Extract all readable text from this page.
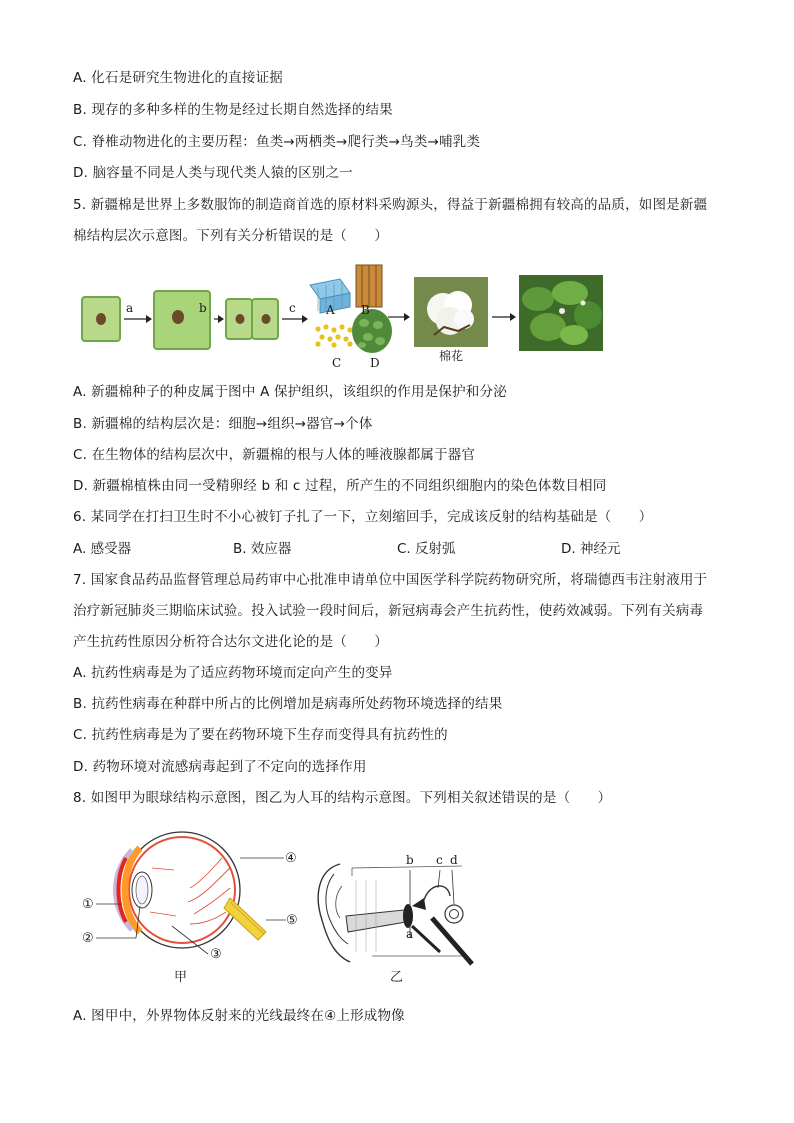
A. 化石是研究生物进化的直接证据
B. 现存的多种多样的生物是经过长期自然选择的结果
C. 脊椎动物进化的主要历程：鱼类→两栖类→爬行类→鸟类→哺乳类
D. 脑容量不同是人类与现代类人猿的区别之一
5. 新疆棉是世界上多数服饰的制造商首选的原材料采购源头，得益于新疆棉拥有较高的品质，如图是新疆
棉结构层次示意图。下列有关分析错误的是（　　）
a	b	c	A B
C D	棉花
A. 新疆棉种子的种皮属于图中 A 保护组织，该组织的作用是保护和分泌
B. 新疆棉的结构层次是：细胞→组织→器官→个体
C. 在生物体的结构层次中，新疆棉的根与人体的唾液腺都属于器官
D. 新疆棉植株由同一受精卵经 b 和 c 过程，所产生的不同组织细胞内的染色体数目相同
6. 某同学在打扫卫生时不小心被钉子扎了一下，立刻缩回手，完成该反射的结构基础是（　　）
A. 感受器	B. 效应器	C. 反射弧	D. 神经元
7. 国家食品药品监督管理总局药审中心批准申请单位中国医学科学院药物研究所，将瑞德西韦注射液用于
治疗新冠肺炎三期临床试验。投入试验一段时间后，新冠病毒会产生抗药性，使药效减弱。下列有关病毒
产生抗药性原因分析符合达尔文进化论的是（　　）
A. 抗药性病毒是为了适应药物环境而定向产生的变异
B. 抗药性病毒在种群中所占的比例增加是病毒所处药物环境选择的结果
C. 抗药性病毒是为了要在药物环境下生存而变得具有抗药性的
D. 药物环境对流感病毒起到了不定向的选择作用
8. 如图甲为眼球结构示意图，图乙为人耳的结构示意图。下列相关叙述错误的是（　　）
①
②
③
④
⑤
甲
b c d
a
乙
A. 图甲中，外界物体反射来的光线最终在④上形成物像
